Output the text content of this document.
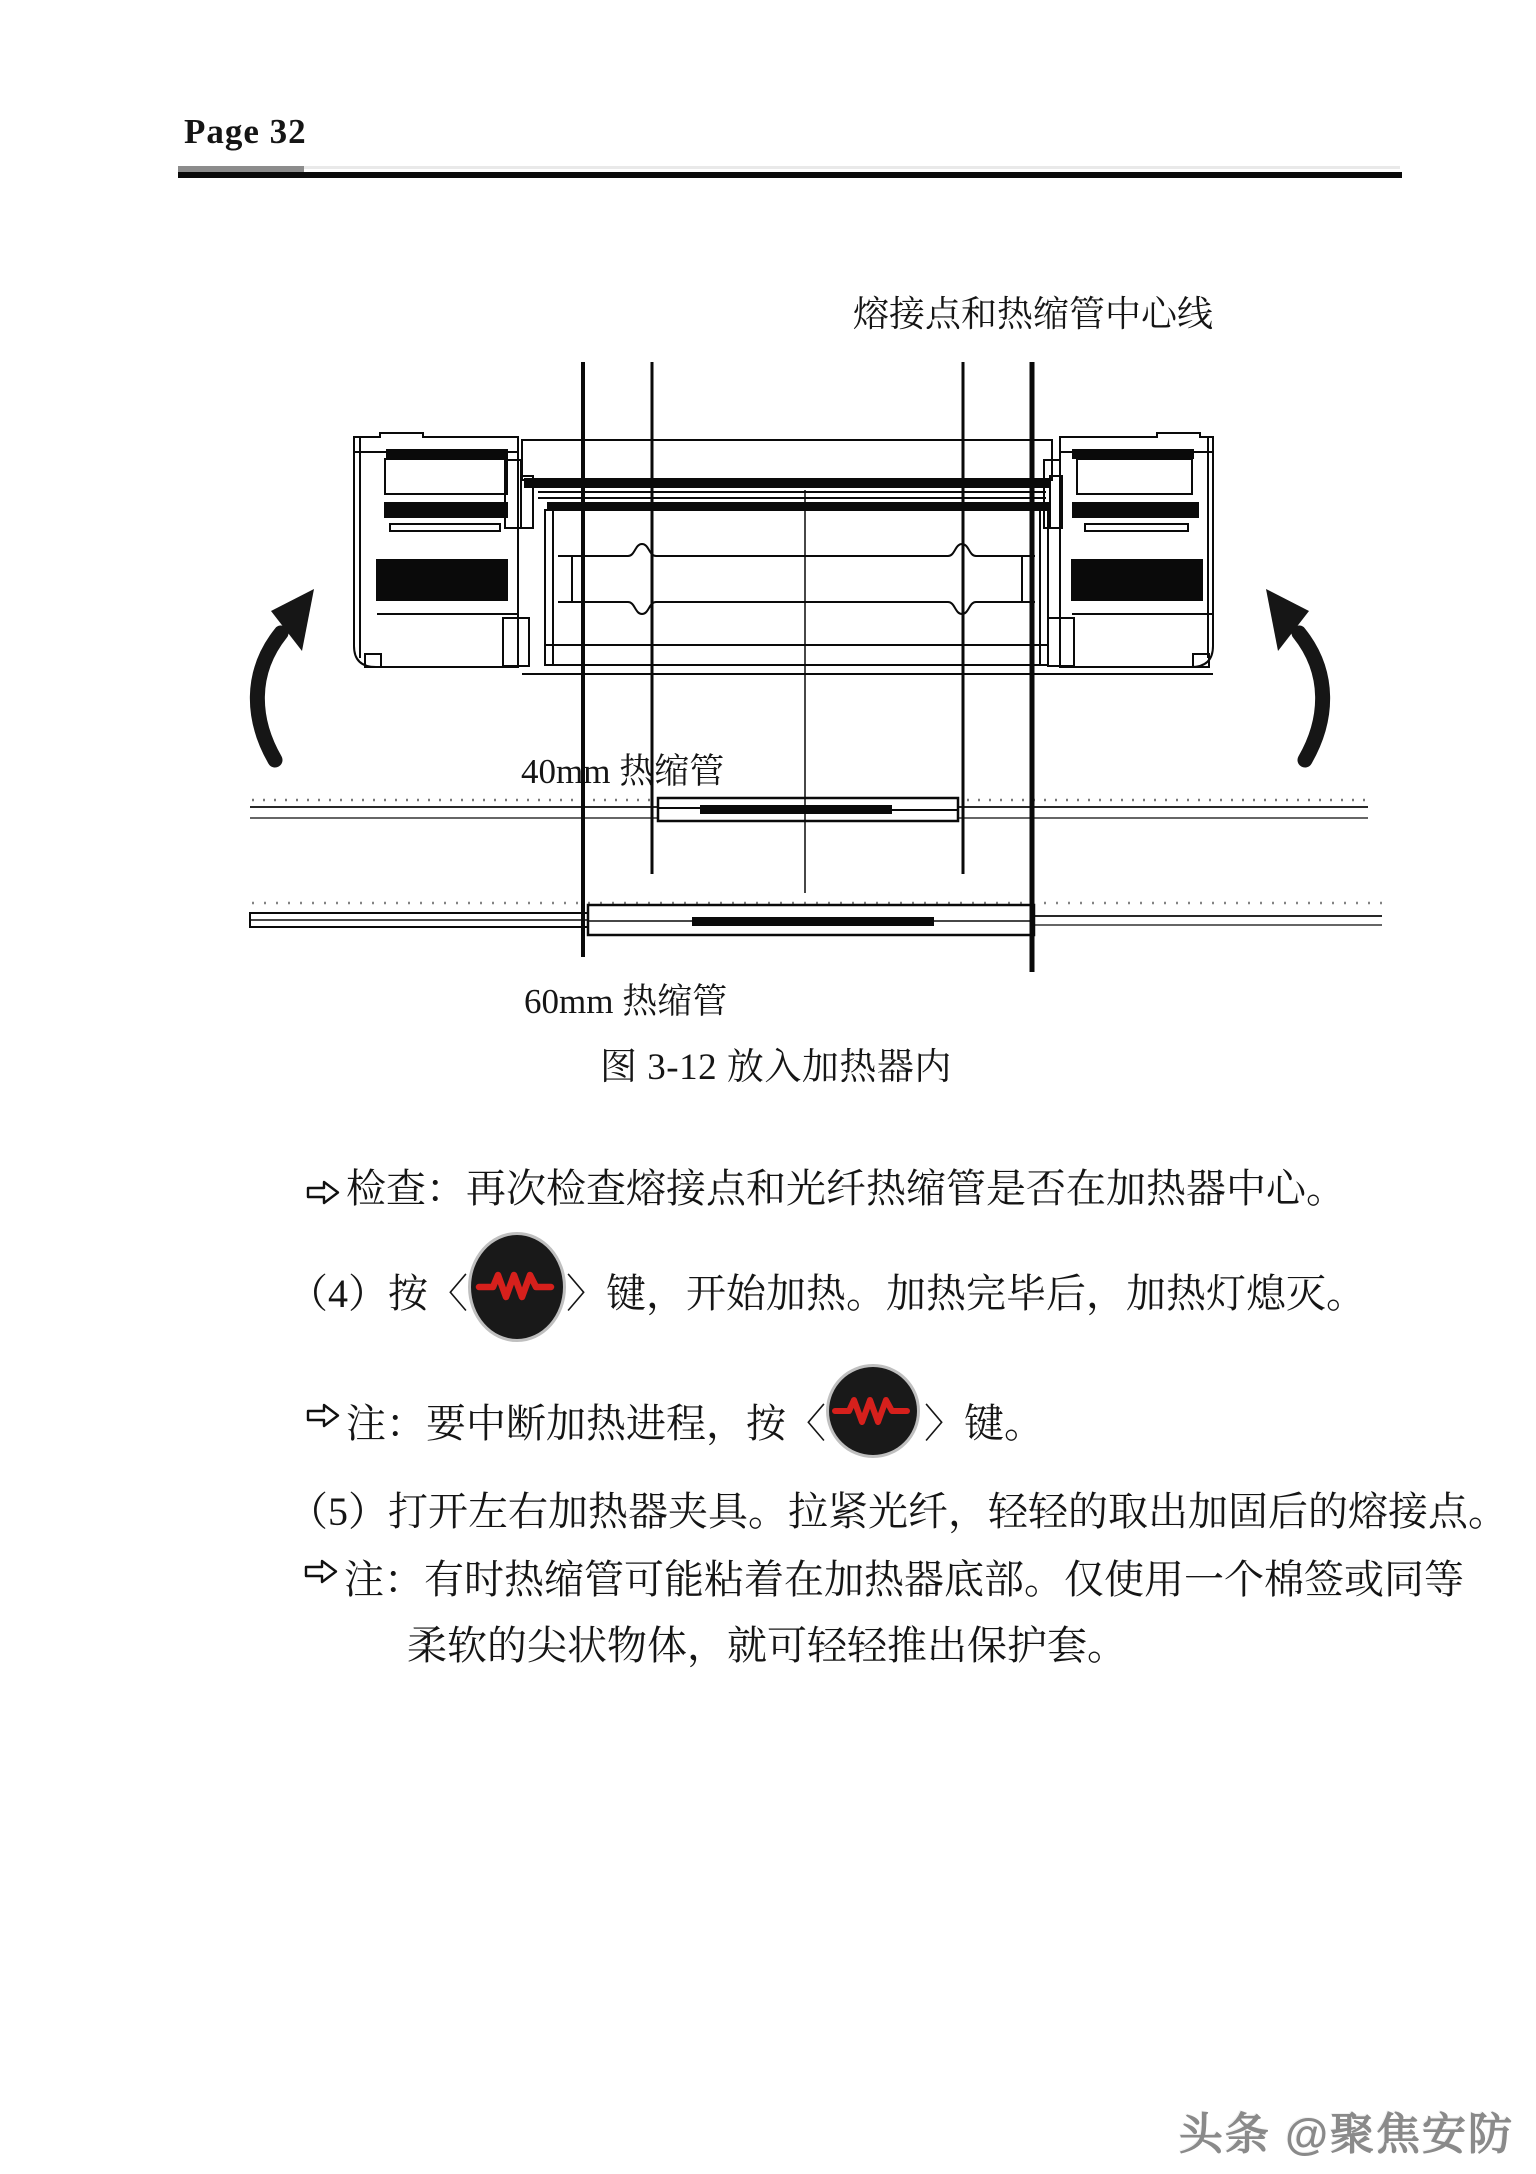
Page 32
熔接点和热缩管中心线
40mm 热缩管
60mm 热缩管
图 3-12 放入加热器内
检查：再次检查熔接点和光纤热缩管是否在加热器中心。
（4）按〈 〉键，开始加热。加热完毕后，加热灯熄灭。
注：要中断加热进程，按〈 〉键。
（5）打开左右加热器夹具。拉紧光纤，轻轻的取出加固后的熔接点。
注：有时热缩管可能粘着在加热器底部。仅使用一个棉签或同等
柔软的尖状物体，就可轻轻推出保护套。
头条 @聚焦安防
